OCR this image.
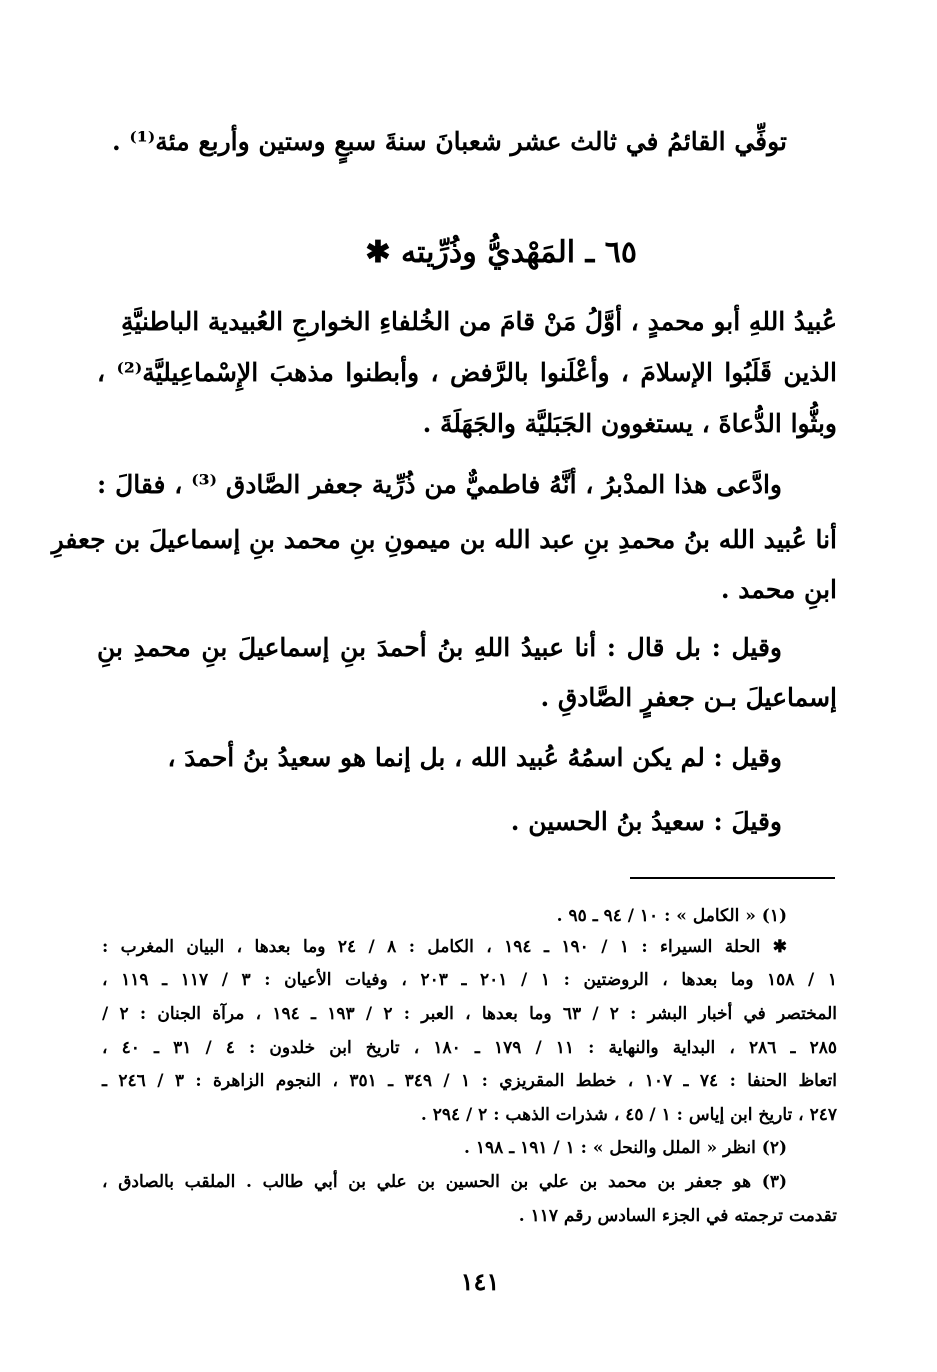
توفِّي القائمُ في ثالث عشر شعبانَ سنةَ سبعٍ وستين وأربع مئة⁽¹⁾ .
٦٥ ـ المَهْديُّ وذُرِّيته ✱
عُبيدُ اللهِ أبو محمدٍ ، أوَّلُ مَنْ قامَ من الخُلفاءِ الخوارجِ العُبيدية الباطنيَّةِ
الذين قَلَبُوا الإسلامَ ، وأعْلَنوا بالرَّفض ، وأبطنوا مذهبَ الإِسْماعِيليَّة⁽²⁾ ،
وبثُّوا الدُّعاةَ ، يستغوون الجَبَليَّة والجَهَلَةَ .
وادَّعى هذا المدْبرُ ، أنَّهُ فاطميٌّ من ذُرِّية جعفر الصَّادق ⁽³⁾ ، فقالَ :
أنا عُبيد الله بنُ محمدِ بنِ عبد الله بن ميمونِ بنِ محمد بنِ إسماعيلَ بن جعفرِ
ابنِ محمد .
وقيل : بل قال : أنا عبيدُ اللهِ بنُ أحمدَ بنِ إسماعيلَ بنِ محمدِ بنِ
إسماعيلَ بـن جعفرٍ الصَّادقِ .
وقيل : لم يكن اسمُهُ عُبيد الله ، بل إنما هو سعيدُ بنُ أحمدَ ،
وقيلَ : سعيدُ بنُ الحسين .
(١) « الكامل » : ١٠ / ٩٤ ـ ٩٥ .
✱ الحلة السيراء : ١ / ١٩٠ ـ ١٩٤ ، الكامل : ٨ / ٢٤ وما بعدها ، البيان المغرب :
١ / ١٥٨ وما بعدها ، الروضتين : ١ / ٢٠١ ـ ٢٠٣ ، وفيات الأعيان : ٣ / ١١٧ ـ ١١٩ ،
المختصر في أخبار البشر : ٢ / ٦٣ وما بعدها ، العبر : ٢ / ١٩٣ ـ ١٩٤ ، مرآة الجنان : ٢ /
٢٨٥ ـ ٢٨٦ ، البداية والنهاية : ١١ / ١٧٩ ـ ١٨٠ ، تاريخ ابن خلدون : ٤ / ٣١ ـ ٤٠ ،
اتعاظ الحنفا : ٧٤ ـ ١٠٧ ، خطط المقريزي : ١ / ٣٤٩ ـ ٣٥١ ، النجوم الزاهرة : ٣ / ٢٤٦ ـ
٢٤٧ ، تاريخ ابن إياس : ١ / ٤٥ ، شذرات الذهب : ٢ / ٢٩٤ .
(٢) انظر « الملل والنحل » : ١ / ١٩١ ـ ١٩٨ .
(٣) هو جعفر بن محمد بن علي بن الحسين بن علي بن أبي طالب . الملقب بالصادق ،
تقدمت ترجمته في الجزء السادس رقم ١١٧ .
١٤١
